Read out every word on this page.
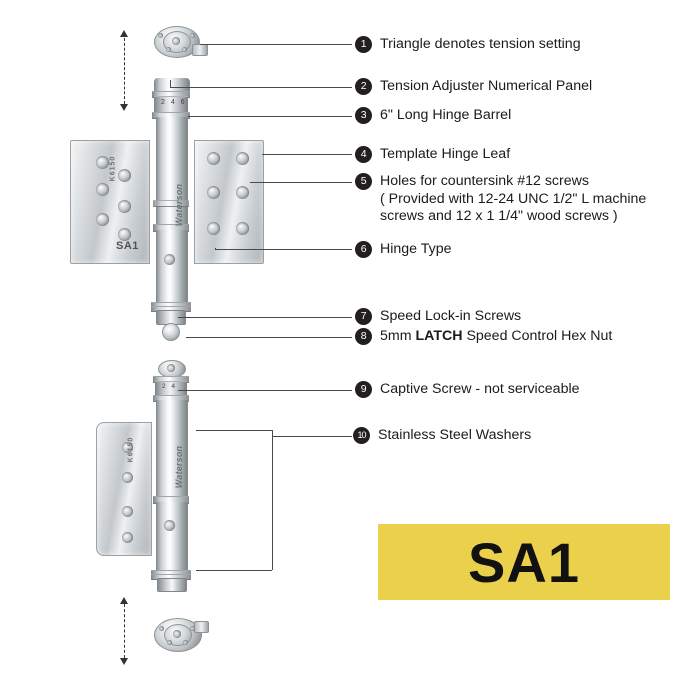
2 4 6
K6150
Waterson
SA1
2 4
K6150	Waterson
1 Triangle denotes tension setting
2 Tension Adjuster Numerical Panel
3 6" Long Hinge Barrel
4 Template Hinge Leaf
5 Holes for countersink #12 screws
( Provided with 12-24 UNC 1/2" L machine
screws and 12 x 1 1/4" wood screws )
6 Hinge Type
7 Speed Lock-in Screws
8 5mm LATCH Speed Control Hex Nut
9 Captive Screw - not serviceable
10 Stainless Steel Washers
SA1
